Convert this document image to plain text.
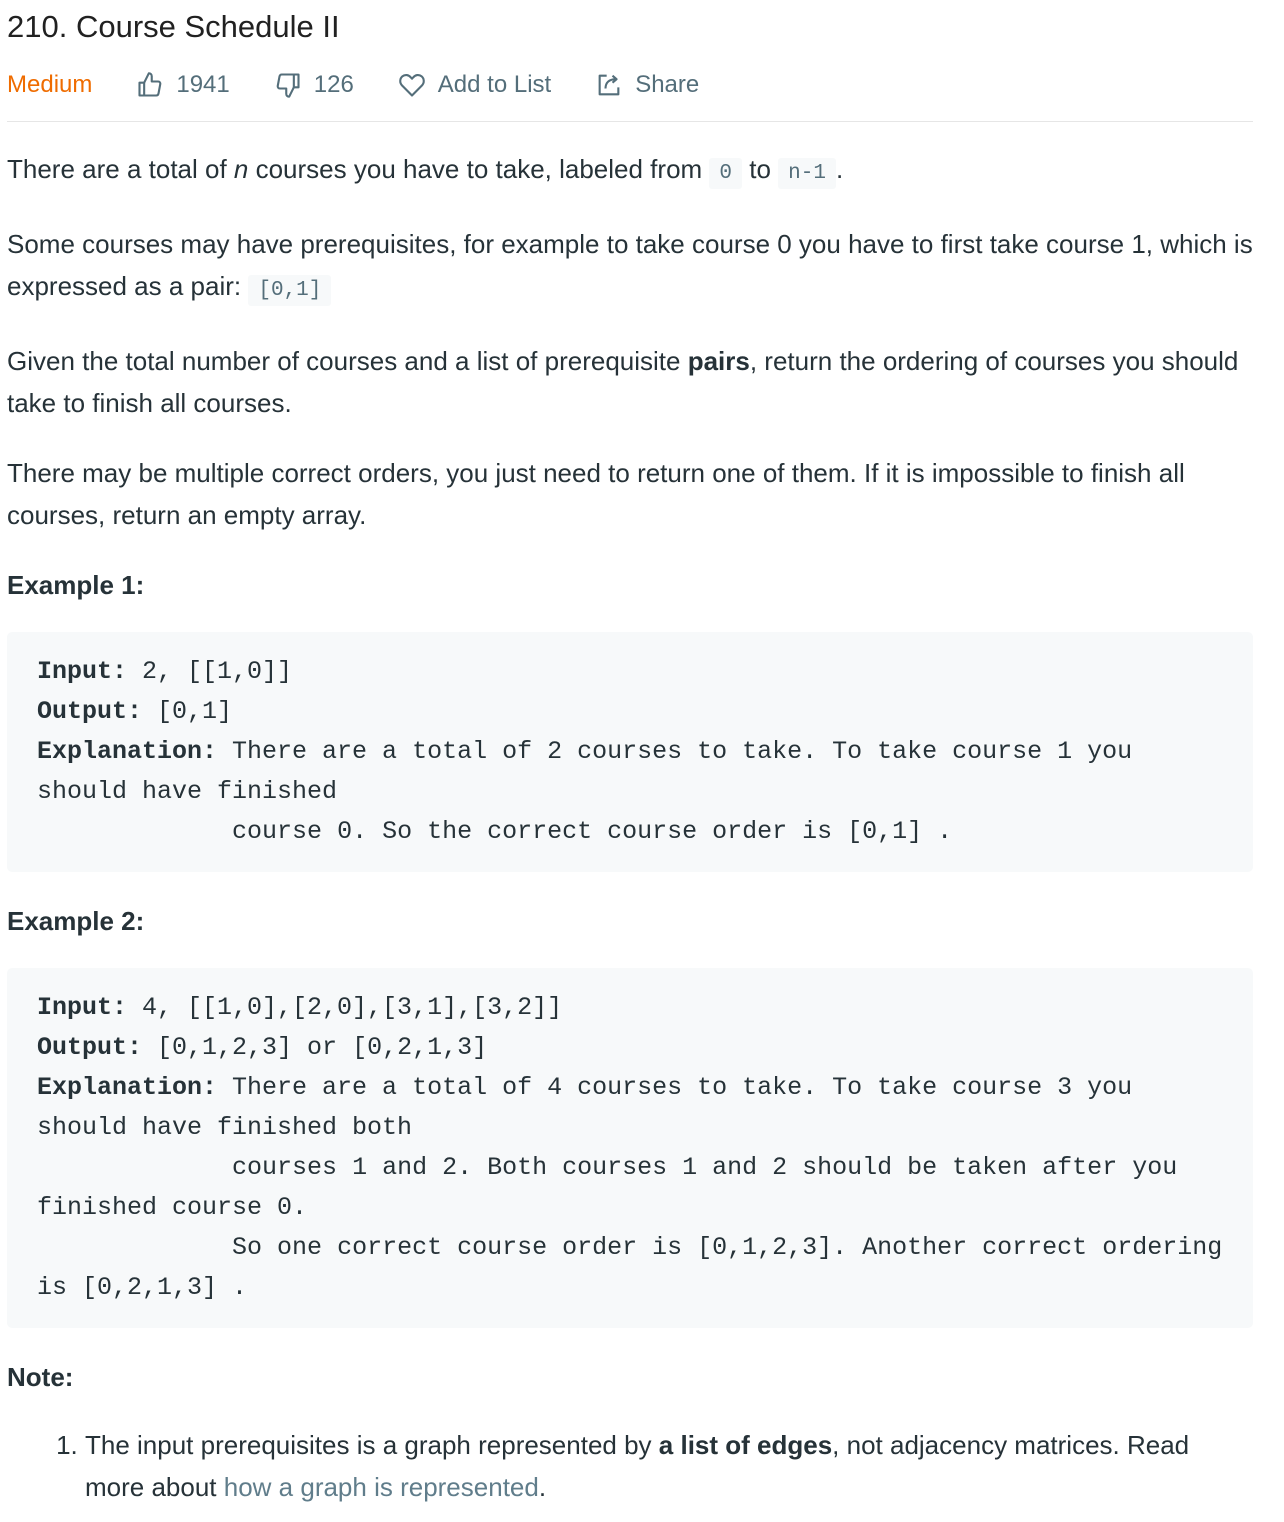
210. Course Schedule II
Medium	1941	126	Add to List	Share

There are a total of n courses you have to take, labeled from 0 to n-1 .

Some courses may have prerequisites, for example to take course 0 you have to first take course 1, which is expressed as a pair: [0,1]

Given the total number of courses and a list of prerequisite pairs, return the ordering of courses you should take to finish all courses.

There may be multiple correct orders, you just need to return one of them. If it is impossible to finish all courses, return an empty array.

Example 1:
Input: 2, [[1,0]]
Output: [0,1]
Explanation: There are a total of 2 courses to take. To take course 1 you should have finished
course 0. So the correct course order is [0,1] .
Example 2:
Input: 4, [[1,0],[2,0],[3,1],[3,2]]
Output: [0,1,2,3] or [0,2,1,3]
Explanation: There are a total of 4 courses to take. To take course 3 you should have finished both
courses 1 and 2. Both courses 1 and 2 should be taken after you finished course 0.
So one correct course order is [0,1,2,3]. Another correct ordering is [0,2,1,3] .
Note:
1. The input prerequisites is a graph represented by a list of edges, not adjacency matrices. Read more about how a graph is represented.
